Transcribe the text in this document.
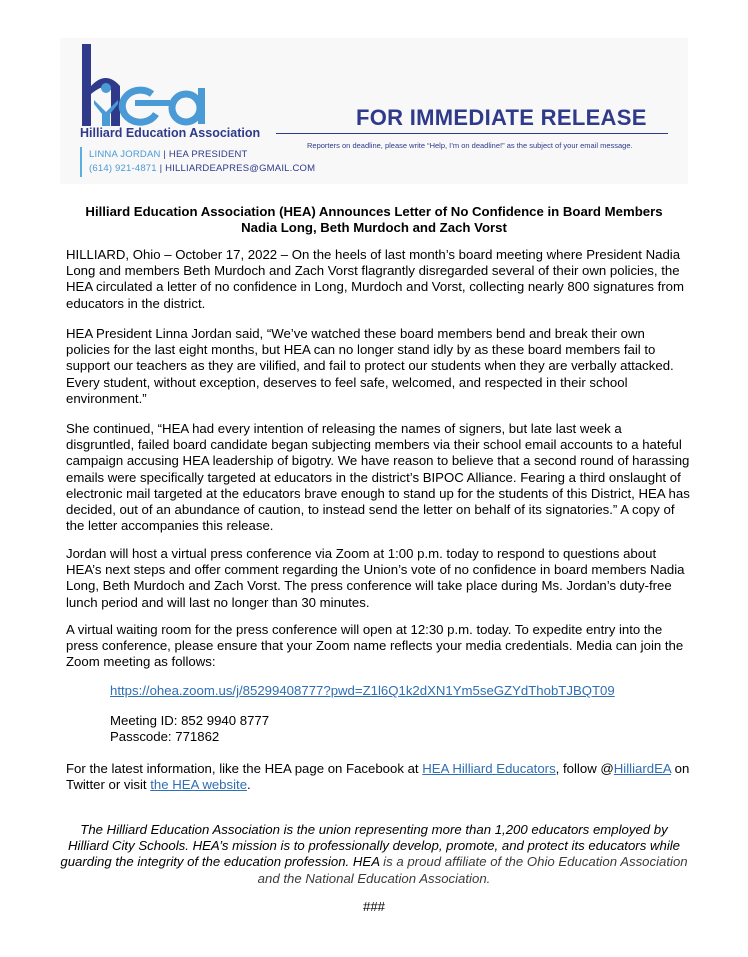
Hilliard Education Association
FOR IMMEDIATE RELEASE
Reporters on deadline, please write “Help, I’m on deadline!” as the subject of your email message.
LINNA JORDAN | HEA PRESIDENT
(614) 921-4871 | HILLIARDEAPRES@GMAIL.COM
Hilliard Education Association (HEA) Announces Letter of No Confidence in Board Members
Nadia Long, Beth Murdoch and Zach Vorst
HILLIARD, Ohio – October 17, 2022 – On the heels of last month’s board meeting where President Nadia Long and members Beth Murdoch and Zach Vorst flagrantly disregarded several of their own policies, the HEA circulated a letter of no confidence in Long, Murdoch and Vorst, collecting nearly 800 signatures from educators in the district.
HEA President Linna Jordan said, “We’ve watched these board members bend and break their own policies for the last eight months, but HEA can no longer stand idly by as these board members fail to support our teachers as they are vilified, and fail to protect our students when they are verbally attacked. Every student, without exception, deserves to feel safe, welcomed, and respected in their school environment.”
She continued, “HEA had every intention of releasing the names of signers, but late last week a disgruntled, failed board candidate began subjecting members via their school email accounts to a hateful campaign accusing HEA leadership of bigotry. We have reason to believe that a second round of harassing emails were specifically targeted at educators in the district’s BIPOC Alliance. Fearing a third onslaught of electronic mail targeted at the educators brave enough to stand up for the students of this District, HEA has decided, out of an abundance of caution, to instead send the letter on behalf of its signatories.” A copy of the letter accompanies this release.
Jordan will host a virtual press conference via Zoom at 1:00 p.m. today to respond to questions about HEA’s next steps and offer comment regarding the Union’s vote of no confidence in board members Nadia Long, Beth Murdoch and Zach Vorst. The press conference will take place during Ms. Jordan’s duty-free lunch period and will last no longer than 30 minutes.
A virtual waiting room for the press conference will open at 12:30 p.m. today. To expedite entry into the press conference, please ensure that your Zoom name reflects your media credentials. Media can join the Zoom meeting as follows:
https://ohea.zoom.us/j/85299408777?pwd=Z1l6Q1k2dXN1Ym5seGZYdThobTJBQT09
Meeting ID: 852 9940 8777
Passcode: 771862
For the latest information, like the HEA page on Facebook at HEA Hilliard Educators, follow @HilliardEA on Twitter or visit the HEA website.
The Hilliard Education Association is the union representing more than 1,200 educators employed by Hilliard City Schools. HEA’s mission is to professionally develop, promote, and protect its educators while guarding the integrity of the education profession. HEA is a proud affiliate of the Ohio Education Association and the National Education Association.
###
